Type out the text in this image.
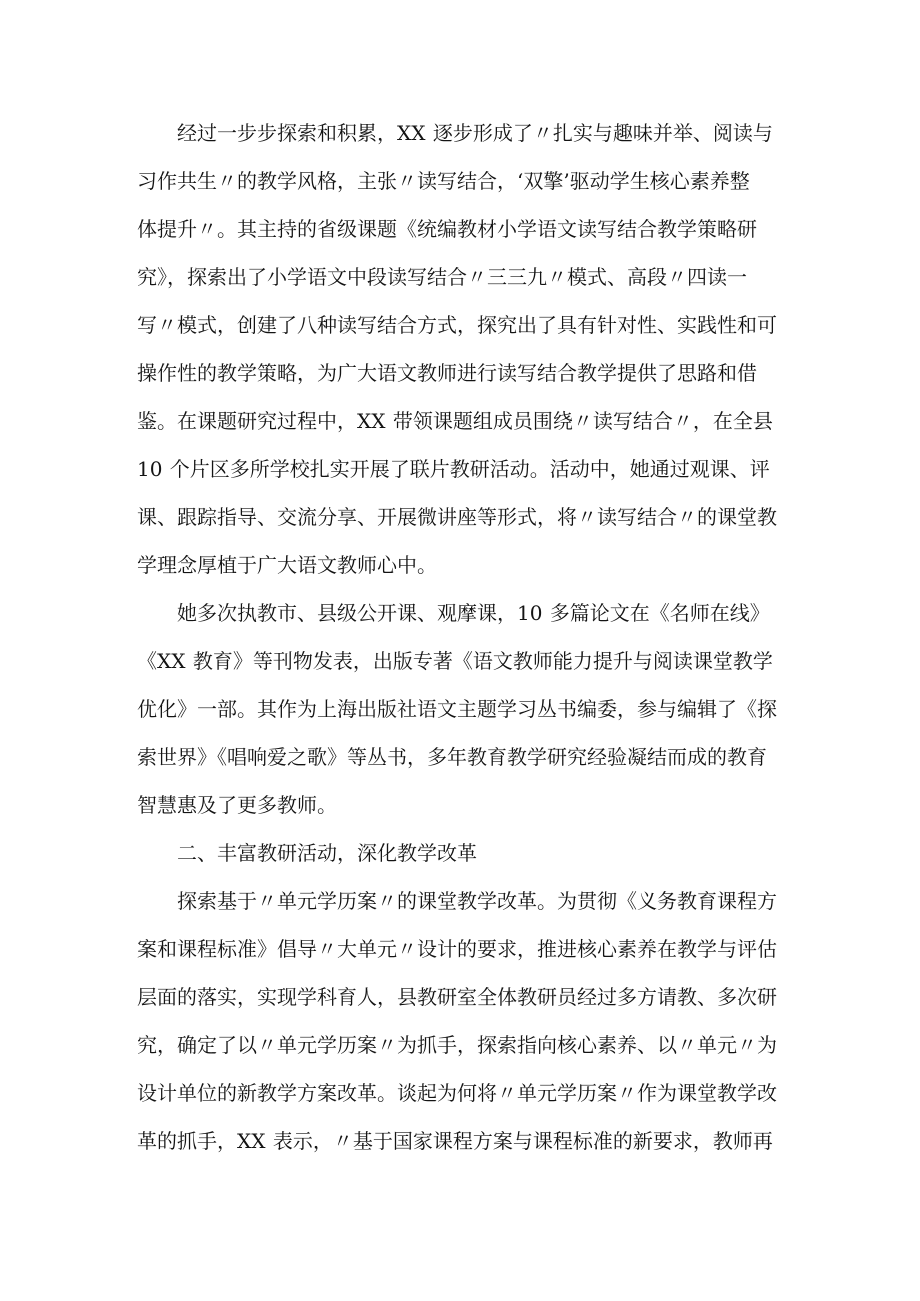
经过一步步探索和积累，XX 逐步形成了〃扎实与趣味并举、阅读与
习作共生〃的教学风格，主张〃读写结合，‘双擎’驱动学生核心素养整
体提升〃。其主持的省级课题《统编教材小学语文读写结合教学策略研
究》，探索出了小学语文中段读写结合〃三三九〃模式、高段〃四读一
写〃模式，创建了八种读写结合方式，探究出了具有针对性、实践性和可
操作性的教学策略，为广大语文教师进行读写结合教学提供了思路和借
鉴。在课题研究过程中，XX 带领课题组成员围绕〃读写结合〃，在全县
10 个片区多所学校扎实开展了联片教研活动。活动中，她通过观课、评
课、跟踪指导、交流分享、开展微讲座等形式，将〃读写结合〃的课堂教
学理念厚植于广大语文教师心中。
她多次执教市、县级公开课、观摩课，10 多篇论文在《名师在线》
《XX 教育》等刊物发表，出版专著《语文教师能力提升与阅读课堂教学
优化》一部。其作为上海出版社语文主题学习丛书编委，参与编辑了《探
索世界》《唱响爱之歌》等丛书，多年教育教学研究经验凝结而成的教育
智慧惠及了更多教师。
二、丰富教研活动，深化教学改革
探索基于〃单元学历案〃的课堂教学改革。为贯彻《义务教育课程方
案和课程标准》倡导〃大单元〃设计的要求，推进核心素养在教学与评估
层面的落实，实现学科育人，县教研室全体教研员经过多方请教、多次研
究，确定了以〃单元学历案〃为抓手，探索指向核心素养、以〃单元〃为
设计单位的新教学方案改革。谈起为何将〃单元学历案〃作为课堂教学改
革的抓手，XX 表示，〃基于国家课程方案与课程标准的新要求，教师再
